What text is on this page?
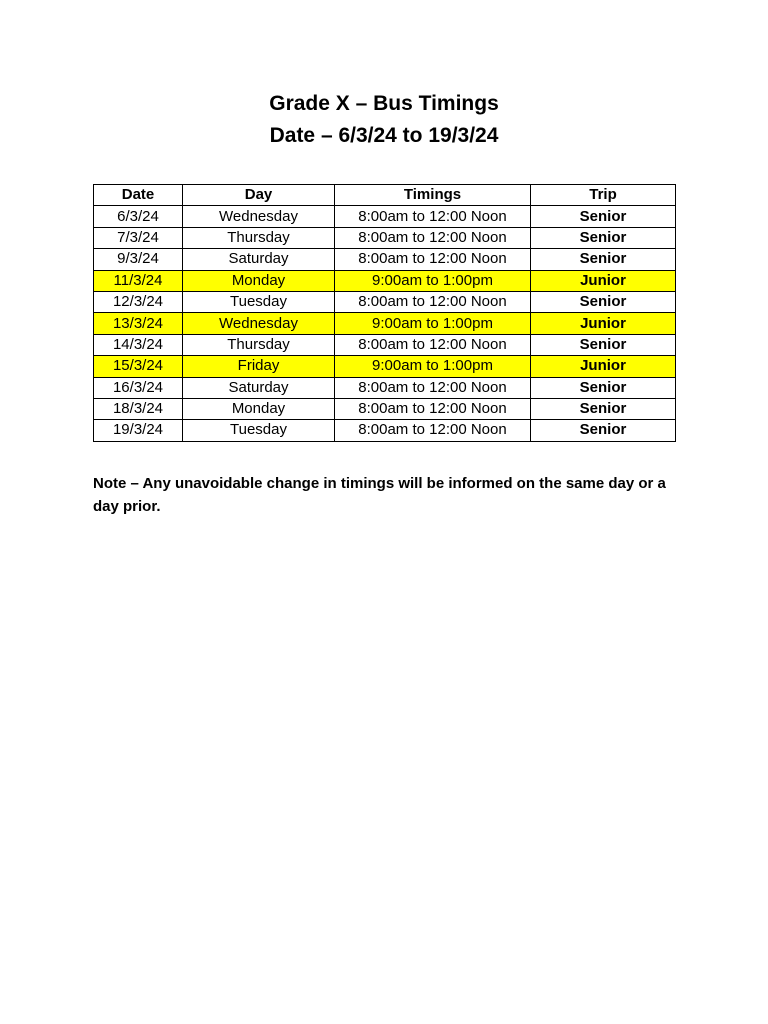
Grade X – Bus Timings
Date – 6/3/24 to 19/3/24
Date	Day	Timings	Trip
6/3/24	Wednesday	8:00am to 12:00 Noon	Senior
7/3/24	Thursday	8:00am to 12:00 Noon	Senior
9/3/24	Saturday	8:00am to 12:00 Noon	Senior
11/3/24	Monday	9:00am to 1:00pm	Junior
12/3/24	Tuesday	8:00am to 12:00 Noon	Senior
13/3/24	Wednesday	9:00am to 1:00pm	Junior
14/3/24	Thursday	8:00am to 12:00 Noon	Senior
15/3/24	Friday	9:00am to 1:00pm	Junior
16/3/24	Saturday	8:00am to 12:00 Noon	Senior
18/3/24	Monday	8:00am to 12:00 Noon	Senior
19/3/24	Tuesday	8:00am to 12:00 Noon	Senior
Note – Any unavoidable change in timings will be informed on the same day or a day prior.
